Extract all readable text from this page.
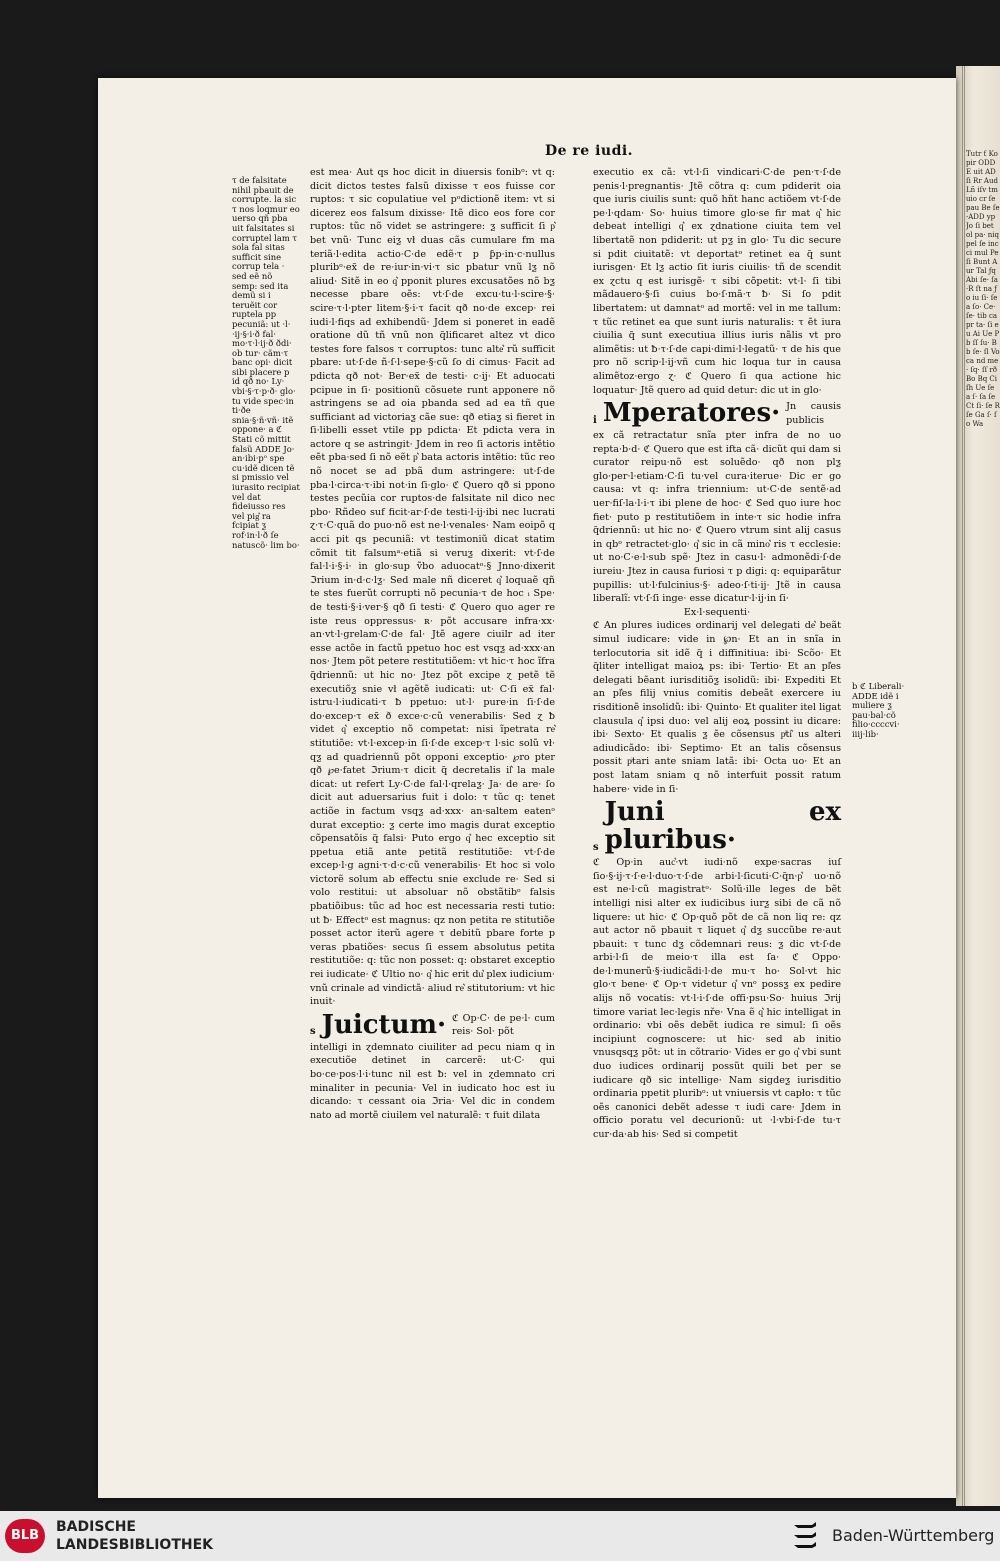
Tutr ƭ Kopir ODDE uit AD ſi Rr Aud Lñ iſv tm uio cr ſe pau Be ſe·ADD yp Jo ſi bet ol pa· niq pel ſe inc ci mul Pe ſi Bunt Aur Tal ƒq Abi ſe· ſa·R ſt na ƒo iu ſi· ſea ſo· Ce· ſe· tib ca pr ta· ſi eu Ai Ue Pb ſſ ſu· Bb ſe· ſl Vo ca nd me· ſq· ſſ rð Bo Bq Ci ſh Ue ſe a ſ· ſa ſe Ct ſi· ſe R ſe Ga ſ· ſo Wa
De re iudi.
τ de falsitate nihil pbauit de corrupte. la sic τ nos loqmur eo uerso qñ pba uit falsitates si corruptel lam τ sola fal sitas sufficit sine corrup tela · sed eẽ nõ semp: sed ita demũ si i teruẽit cor ruptela pp pecuniã: ut ·l· ·ij·§·i·ð fal· mo·τ·l·ij·ð ðdi· ob tur· cãm·τ banc opi· dicit sibi placere p id qð no· Ly· vbi·§·τ·p·ð· glo· tu vide spec·in ti·ðe snia·§·ñ·vñ· itẽ oppone· a ℭ Stati cõ mittit falsũ ADDE Jo· an·ibi·pᵒ spe cu·idẽ dicen tẽ si pmissio vel iurasito recipiat vel dat fideiusso res vel pig͛ ra fcipiat ƺ rof·in·l·ð ſe natuscõ· lim bo·

est mea· Aut qs hoc dicit in diuersis ƭonibᵒ: vt q: dicit dictos testes falsũ dixisse τ eos fuisse cor ruptos: τ sic copulatiue vel pᵒdictionẽ item: vt si dicerez eos falsum dixisse· Itẽ dico eos fore cor ruptos: tũc nõ videt se astringere: ƺ sufficit ſi p͛ bet vnũ· Tunc eiƺ vł duas cãs cumulare fm ma teriã·l·edita actio·C·de edẽ·τ p ƥp·in·c·nullus pluribᵒ·ex̃ de re·iur·in·vi·τ sic pbatur vnũ lƺ nõ aliud· Sitẽ in eo q͛ pponit plures excusatões nõ bƺ necesse pbare oẽs: vt·ſ·de excu·tu·l·scire·§· scire·τ·l·pter litem·§·i·τ facit qð no·de excep· rei iudi·l·fiqs ad exhibendũ· Jdem si poneret in eadẽ oratione dũ tñ vnũ non q̃lificaret altez vt dico testes fore falsos τ corruptos: tunc alte͛ rũ sufficit pbare: ut·ſ·de ñ·ſ·l·sepe·§·cũ ſo di cimus· Facit ad pdicta qð not· Ber·ex̃ de testi· c·ij· Et aduocati pcipue in ſi· positionũ cõsuete runt apponere nõ astringens se ad oia pbanda sed ad ea tñ que sufficiant ad victoriaƺ cãe sue: qð etiaƺ si fieret in ſi·libelli esset vtile pp pdicta· Et pdicta vera in actore q se astringit· Jdem in reo ſi actoris intẽtio eẽt pba·sed ſi nõ eẽt p͛ bata actoris intẽtio: tũc reo nõ nocet se ad pbã dum astringere: ut·ſ·de pba·l·circa·τ·ibi not·in ſi·glo· ℭ Quero qð si ppono testes pecũia cor ruptos·de falsitate nil dico nec pbo· Rñdeo suf ficit·ar·ſ·de testi·l·ij·ibi nec lucrati ɀ·τ·C·quã do puo·nõ est ne·l·venales· Nam eoipõ q acci pit qs pecuniã: vt testimoniũ dicat statim cõmit tit falsumᵃ·etiã si veruƺ dixerit: vt·ſ·de fal·l·i·§·i· in glo·sup ṽbo aduocatᵒ·§ Jnno·dixerit ℑrium in·d·c·lƺ· Sed male nñ diceret q͛ loquaẽ qñ te stes fuerũt corrupti nõ pecunia·τ de hoc ᵢ Spe· de testi·§·i·ver·§ qð ſi testi· ℭ Quero quo ager re iste reus oppressus· ʀ· põt accusare infra·xx· an·vt·l·grelam·C·de fal· Jtẽ agere ciuilr ad iter esse actõe in factũ ppetuo hoc est vsqƺ ad·xxx·an nos· Jtem põt petere restitutiõem: vt hic·τ hoc ĩfra q̃driennũ: ut hic no· Jtez põt excipe ɀ petẽ tẽ executiõƺ snie vł agẽtẽ iudicati: ut· C·ſi ex̃ fal· istru·l·iudicati·τ ƀ ppetuo: ut·l· pure·in ſi·ſ·de do·excep·τ ex̃ ð exce·c·cũ venerabilis· Sed ɀ ƀ videt q͛ exceptio nõ competat: nisi ĩpetrata re͛ stitutiõe: vt·l·excep·in ſi·ſ·de excep·τ l·sic solũ vł· qƺ ad quadriennũ põt opponi exceptio· ℘ro pter qð ℘e·fatet ℑrium·τ dicit q̃ decretalis il͛ la male dicat: ut refert Ly·C·de fal·l·qrelaƺ· Ja· de are· ſo dicit aut aduersarius fuit i dolo: τ tũc q: tenet actiõe in factum vsqƺ ad·xxx· an·saltem eatenᵒ durat exceptio: ƺ certe imo magis durat exceptio cõpensatõis q̃ falsi· Puto ergo q͛ hec exceptio sit ppetua etiã ante petitã restitutiõe: vt·ſ·de excep·l·g agni·τ·d·c·cũ venerabilis· Et hoc si volo victorẽ solum ab effectu snie exclude re· Sed si volo restitui: ut absoluar nõ obstãtibᵒ falsis pbatiõibus: tũc ad hoc est necessaria resti tutio: ut ƀ· Effectᵒ est magnus: qz non petita re stitutiõe posset actor iterũ agere τ debitũ pbare forte p veras pbatiões· secus ſi essem absolutus petita restitutiõe: q: tũc non posset: q: obstaret exceptio rei iudicate· ℭ Ultio no· q͛ hic erit du͛ plex iudicium· vnũ crinale ad vindictã· aliud re͛ stitutorium: vt hic inuit·

s Juictum· ℭ Op·C· de pe·l· cum reis· Sol· põt

intelligi in ɀdemnato ciuiliter ad pecu niam q in executiõe detinet in carcerẽ: ut·C· qui bo·ce·pos·l·i·tunc nil est ƀ: vel in ɀdemnato cri minaliter in pecunia· Vel in iudicato hoc est iu dicando: τ cessant oia ℑria· Vel dic in condem nato ad mortẽ ciuilem vel naturalẽ: τ fuit dilata

executio ex cã: vt·l·ſi vindicari·C·de pen·τ·ſ·de penis·l·pregnantis· Jtẽ cõtra q: cum pdiderit oia que iuris ciuilis sunt: quõ hñt hanc actiõem vt·ſ·de pe·l·qdam· So· huius timore glo·se fir mat q͛ hic debeat intelligi q͛ ex ɀdnatione ciuita tem vel libertatẽ non pdiderit: ut pƺ in glo· Tu dic secure si pdit ciuitatẽ: vt deportatᵒ retinet ea q̃ sunt iurisgen· Et lƺ actio ſit iuris ciuilis· tñ de scendit ex ɀctu q est iurisgẽ· τ sibi cõpetit: vt·l· ſi tibi mãdauero·§·ſi cuius bo·ſ·mã·τ ƀ· Si ſo pdit libertatem: ut damnatᵒ ad mortẽ: vel in me tallum: τ tũc retinet ea que sunt iuris naturalis: τ ẽt iura ciuilia q̃ sunt executiua illius iuris nãlis vt pro alimẽtis: ut ƀ·τ·ſ·de capi·dimi·l·legatũ· τ de his que pro nõ scrip·l·ij·vñ cum hic loqua tur in causa alimẽtoz·ergo ɀ· ℭ Quero ſi qua actione hic loquatur· Jtẽ quero ad quid detur: dic ut in glo·

i Mperatores· Jn causis publicis

ex cã retractatur snĩa pter infra de no uo repta·b·d· ℭ Quero que est ifta cã· dicũt qui dam si curator reipu·nõ est soluẽdo· qð non plƺ glo·per·l·etiam·C·ſi tu·vel cura·iterue· Dic er go causa: vt q: infra triennium: ut·C·de sentẽ·ad uer·fiſ·la·l·i·τ ibi plene de hoc· ℭ Sed quo iure hoc fiet· puto p restitutiõem in inte·τ sic hodie infra q̃driennũ: ut hic no· ℭ Quero vtrum sint alij casus in qbᵒ retractet·glo· q͛ sic in cã mino͛ ris τ ecclesie: ut no·C·e·l·sub spẽ· Jtez in casu·l· admonẽdi·ſ·de iureiu· Jtez in causa furiosi τ p digi: q: equiparãtur pupillis: ut·l·fulcinius·§· adeo·ſ·ti·ij· Jtẽ in causa liberalĩ: vt·ſ·ſi inge· esse dicatur·l·ij·in ſi·

Ex·l·sequenti·

ℭ An plures iudices ordinarij vel delegati de͛ beãt simul iudicare: vide in ℘n· Et an in snĩa in terlocutoria sit idẽ q̃ i diffinitiua: ibi· Scõo· Et q̃liter intelligat maioꝝ ps: ibi· Tertio· Et an pl͛es delegati bẽant iurisditiõƺ isolidũ: ibi· Expediti Et an pl͛es filij vnius comitis debeãt exercere iu risditionẽ insolidũ: ibi· Quinto· Et qualiter itel ligat clausula q͛ ipsi duo: vel alij eoꝝ possint iu dicare: ibi· Sexto· Et qualis ƺ ẽe cõsensus pͥti͛ us alteri adiudicãdo: ibi· Septimo· Et an talis cõsensus possit pͥtari ante sniam latã: ibi· Octa uo· Et an post latam sniam q nõ interfuit possit ratum habere· vide in ſi·

s
Juni ex pluribus·

ℭ Op·in auc͛·vt iudi·nõ expe·sacras iuſ ſio·§·ij·τ·ſ·e·l·duo·τ·ſ·de arbi·l·ſicuti·C·q̃n·p͛ uo·nõ est ne·l·cũ magistratᵒ· Solũ·ille leges de bẽt intelligi nisi alter ex iudicibus iurƺ sibi de cã nõ liquere: ut hic· ℭ Op·quõ põt de cã non liq re: qz aut actor nõ pbauit τ liquet q͛ dƺ succũbe re·aut pbauit: τ tunc dƺ cõdemnari reus: ƺ dic vt·ſ·de arbi·l·ſi de meio·τ illa est ſa· ℭ Oppo· de·l·munerũ·§·iudicãdi·l·de mu·τ ho· Sol·vt hic glo·τ bene· ℭ Op·τ videtur q͛ vnᵒ possƺ ex pedire alijs nõ vocatis: vt·l·i·ſ·de offi·psu·So· huius ℑrij timore variat lec·legis nře· Vna ẽ q͛ hic intelligat in ordinario: vbi oẽs debẽt iudica re simul: ſi oẽs incipiunt cognoscere: ut hic· sed ab initio vnusqsqƺ põt: ut in cõtrario· Vides er go q͛ vbi sunt duo iudices ordinarij possũt quili bet per se iudicare qð sic intellige· Nam sigdeƺ iurisditio ordinaria ppetit pluribᵒ: ut vniuersis vt capło: τ tũc oẽs canonici debẽt adesse τ iudi care· Jdem in officio poratu vel decurionũ: ut ·l·vbi·ſ·de tu·τ cur·da·ab his· Sed si competit

b ℭ Liberali· ADDE idẽ i muliere ƺ pau·bal·cõ filio·ccccvi· iiij·lib·
BLB
BADISCHE
LANDESBIBLIOTHEK	Baden-Württemberg
